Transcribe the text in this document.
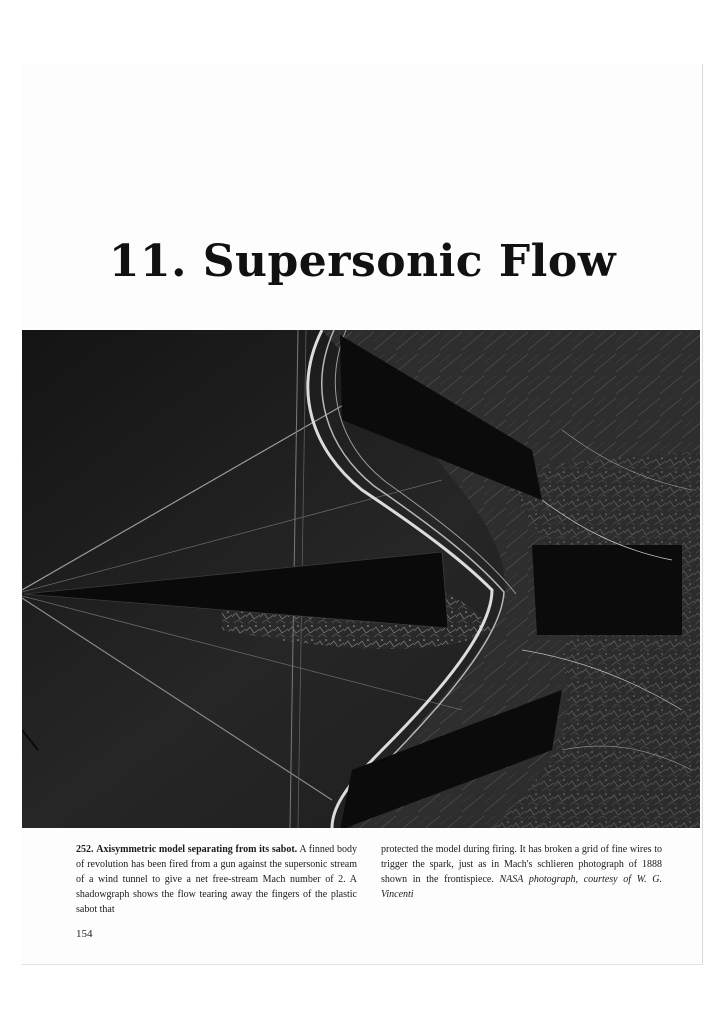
11. Supersonic Flow

252. Axisymmetric model separating from its sabot. A finned body of revolution has been fired from a gun against the supersonic stream of a wind tunnel to give a net free-stream Mach number of 2. A shadowgraph shows the flow tearing away the fingers of the plastic sabot that

protected the model during firing. It has broken a grid of fine wires to trigger the spark, just as in Mach's schlieren photograph of 1888 shown in the frontispiece. NASA photograph, courtesy of W. G. Vincenti

154
